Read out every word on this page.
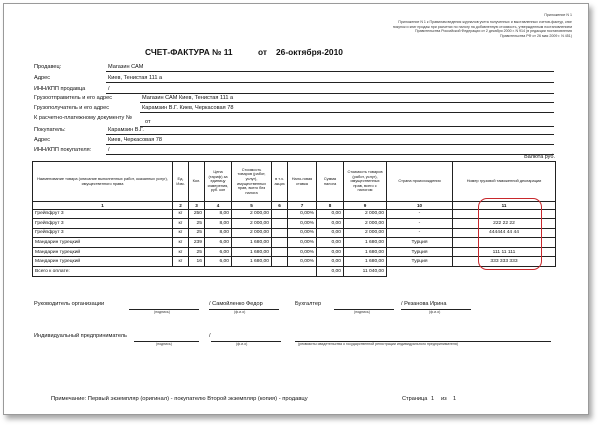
Приложение N 1
Приложение N 1 к Правилам ведения журналов учета полученных и выставленных счетов-фактур, книг
покупок и книг продаж при расчетах по налогу на добавленную стоимость, утвержденным постановлением
Правительства Российской Федерации от 2 декабря 2000 г. N 914 (в редакции постановления
Правительства РФ от 26 мая 2009 г. N 451)
СЧЕТ-ФАКТУРА № 11	от 26-октября-2010
Продавец:	Магазин САМ
Адрес	Киев, Тенистая 111 а
ИНН/КПП продавца	/
Грузоотправитель и его адрес	Магазин САМ Киев, Тенистая 111 а
Грузополучатель и его адрес	Карамзин В.Г. Киев, Черкасовая 78
К расчетно-платежному документу №
от
Покупатель:	Карамзин В.Г.
Адрес	Киев, Черкасовая 78
ИНН/КПП покупателя:	/
Валюта руб.
Наименование товара (описание выполненных работ, оказанных услуг), имущественного права	Ед. Изм.	Кол.	Цена (тариф) за единицу измерения, руб. коп	Стоимость товаров (работ, услуг), имущественных прав, всего без налога	в т.ч. акциз	Нало-говая ставка	Сумма налога	Стоимость товаров (работ, услуг), имущественных прав, всего с налогом	Страна происхождения	Номер грузовой таможенной декларации
1	2	3	4	5	6	7	8	9	10	11
Грейпфрут 3	кг	250	8,00	2 000,00		0,00%	0,00	2 000,00	-	
Грейпфрут 3	кг	25	8,00	2 000,00		0,00%	0,00	2 000,00	-	222 22 22
Грейпфрут 3	кг	25	8,00	2 000,00		0,00%	0,00	2 000,00	-	444444 44 44
Мандарин турецкий	кг	239	6,00	1 680,00		0,00%	0,00	1 680,00	Турция	
Мандарин турецкий	кг	25	6,00	1 680,00		0,00%	0,00	1 680,00	Турция	111 11 111
Мандарин турецкий	кг	16	6,00	1 680,00		0,00%	0,00	1 680,00	Турция	333 333 333
Всего к оплате:							0,00	11 040,00		
Руководитель организации
(подпись)
/ Самойленко Федор
(ф.и.о)
Бухгалтер
(подпись)
/ Резанова Ирина
(ф.и.о)
Индивидуальный предприниматель
(подпись)
/
(ф.и.о)	(реквизиты свидетельства о государственной регистрации индивидуального предпринимателя)
Примечание: Первый экземпляр (оригинал) - покупателю Второй экземпляр (копия) - продавцу	Страница 1 из 1
